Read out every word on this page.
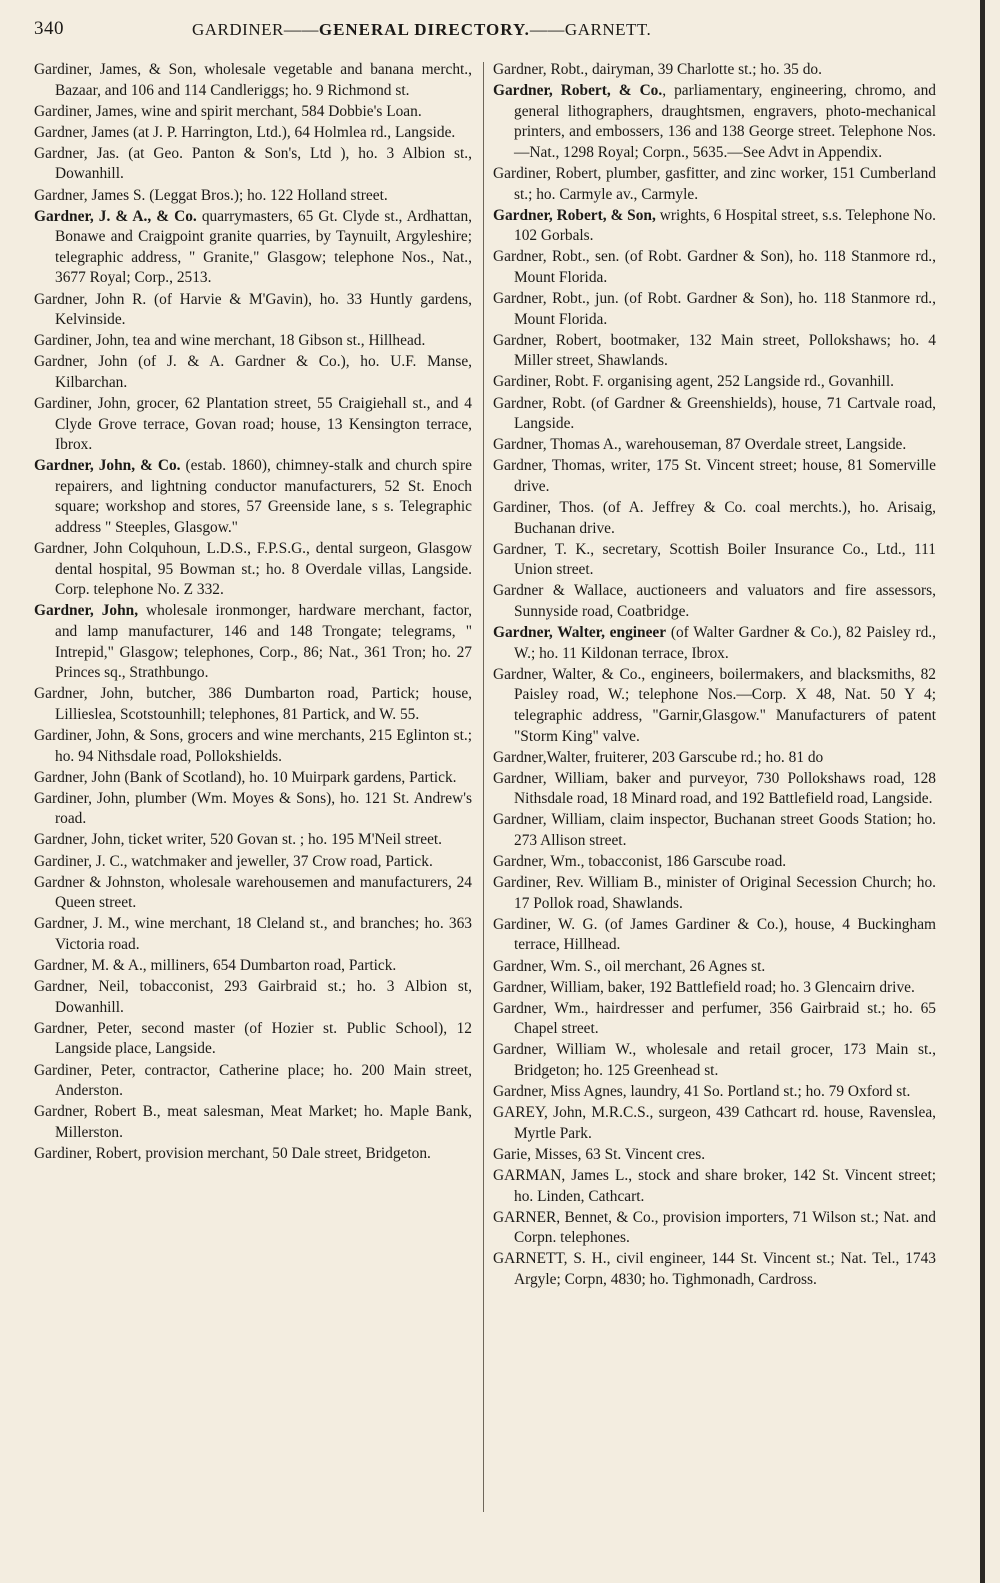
340	GARDINER——GENERAL DIRECTORY.——GARNETT.

Gardiner, James, & Son, wholesale vegetable and banana mercht., Bazaar, and 106 and 114 Candleriggs; ho. 9 Richmond st.

Gardiner, James, wine and spirit merchant, 584 Dobbie's Loan.

Gardner, James (at J. P. Harrington, Ltd.), 64 Holmlea rd., Langside.

Gardner, Jas. (at Geo. Panton & Son's, Ltd ), ho. 3 Albion st., Dowanhill.

Gardner, James S. (Leggat Bros.); ho. 122 Holland street.

Gardner, J. & A., & Co. quarrymasters, 65 Gt. Clyde st., Ardhattan, Bonawe and Craigpoint granite quarries, by Taynuilt, Argyleshire; telegraphic address, " Granite," Glasgow; telephone Nos., Nat., 3677 Royal; Corp., 2513.

Gardner, John R. (of Harvie & M'Gavin), ho. 33 Huntly gardens, Kelvinside.

Gardiner, John, tea and wine merchant, 18 Gibson st., Hillhead.

Gardner, John (of J. & A. Gardner & Co.), ho. U.F. Manse, Kilbarchan.

Gardiner, John, grocer, 62 Plantation street, 55 Craigiehall st., and 4 Clyde Grove terrace, Govan road; house, 13 Kensington terrace, Ibrox.

Gardner, John, & Co. (estab. 1860), chimney-stalk and church spire repairers, and lightning conductor manufacturers, 52 St. Enoch square; workshop and stores, 57 Greenside lane, s s. Telegraphic address " Steeples, Glasgow."

Gardner, John Colquhoun, L.D.S., F.P.S.G., dental surgeon, Glasgow dental hospital, 95 Bowman st.; ho. 8 Overdale villas, Langside. Corp. telephone No. Z 332.

Gardner, John, wholesale ironmonger, hardware merchant, factor, and lamp manufacturer, 146 and 148 Trongate; telegrams, " Intrepid," Glasgow; telephones, Corp., 86; Nat., 361 Tron; ho. 27 Princes sq., Strathbungo.

Gardner, John, butcher, 386 Dumbarton road, Partick; house, Lillieslea, Scotstounhill; telephones, 81 Partick, and W. 55.

Gardiner, John, & Sons, grocers and wine merchants, 215 Eglinton st.; ho. 94 Nithsdale road, Pollokshields.

Gardner, John (Bank of Scotland), ho. 10 Muirpark gardens, Partick.

Gardiner, John, plumber (Wm. Moyes & Sons), ho. 121 St. Andrew's road.

Gardner, John, ticket writer, 520 Govan st. ; ho. 195 M'Neil street.

Gardiner, J. C., watchmaker and jeweller, 37 Crow road, Partick.

Gardner & Johnston, wholesale warehousemen and manufacturers, 24 Queen street.

Gardner, J. M., wine merchant, 18 Cleland st., and branches; ho. 363 Victoria road.

Gardner, M. & A., milliners, 654 Dumbarton road, Partick.

Gardner, Neil, tobacconist, 293 Gairbraid st.; ho. 3 Albion st, Dowanhill.

Gardner, Peter, second master (of Hozier st. Public School), 12 Langside place, Langside.

Gardiner, Peter, contractor, Catherine place; ho. 200 Main street, Anderston.

Gardner, Robert B., meat salesman, Meat Market; ho. Maple Bank, Millerston.

Gardiner, Robert, provision merchant, 50 Dale street, Bridgeton.

Gardner, Robt., dairyman, 39 Charlotte st.; ho. 35 do.

Gardner, Robert, & Co., parliamentary, engineering, chromo, and general lithographers, draughtsmen, engravers, photo-mechanical printers, and embossers, 136 and 138 George street. Telephone Nos.—Nat., 1298 Royal; Corpn., 5635.—See Advt in Appendix.

Gardiner, Robert, plumber, gasfitter, and zinc worker, 151 Cumberland st.; ho. Carmyle av., Carmyle.

Gardner, Robert, & Son, wrights, 6 Hospital street, s.s. Telephone No. 102 Gorbals.

Gardner, Robt., sen. (of Robt. Gardner & Son), ho. 118 Stanmore rd., Mount Florida.

Gardner, Robt., jun. (of Robt. Gardner & Son), ho. 118 Stanmore rd., Mount Florida.

Gardner, Robert, bootmaker, 132 Main street, Pollokshaws; ho. 4 Miller street, Shawlands.

Gardiner, Robt. F. organising agent, 252 Langside rd., Govanhill.

Gardner, Robt. (of Gardner & Greenshields), house, 71 Cartvale road, Langside.

Gardner, Thomas A., warehouseman, 87 Overdale street, Langside.

Gardner, Thomas, writer, 175 St. Vincent street; house, 81 Somerville drive.

Gardiner, Thos. (of A. Jeffrey & Co. coal merchts.), ho. Arisaig, Buchanan drive.

Gardner, T. K., secretary, Scottish Boiler Insurance Co., Ltd., 111 Union street.

Gardner & Wallace, auctioneers and valuators and fire assessors, Sunnyside road, Coatbridge.

Gardner, Walter, engineer (of Walter Gardner & Co.), 82 Paisley rd., W.; ho. 11 Kildonan terrace, Ibrox.

Gardner, Walter, & Co., engineers, boilermakers, and blacksmiths, 82 Paisley road, W.; telephone Nos.—Corp. X 48, Nat. 50 Y 4; telegraphic address, "Garnir,Glasgow." Manufacturers of patent "Storm King" valve.

Gardner,Walter, fruiterer, 203 Garscube rd.; ho. 81 do

Gardner, William, baker and purveyor, 730 Pollokshaws road, 128 Nithsdale road, 18 Minard road, and 192 Battlefield road, Langside.

Gardner, William, claim inspector, Buchanan street Goods Station; ho. 273 Allison street.

Gardner, Wm., tobacconist, 186 Garscube road.

Gardiner, Rev. William B., minister of Original Secession Church; ho. 17 Pollok road, Shawlands.

Gardiner, W. G. (of James Gardiner & Co.), house, 4 Buckingham terrace, Hillhead.

Gardner, Wm. S., oil merchant, 26 Agnes st.

Gardner, William, baker, 192 Battlefield road; ho. 3 Glencairn drive.

Gardner, Wm., hairdresser and perfumer, 356 Gairbraid st.; ho. 65 Chapel street.

Gardner, William W., wholesale and retail grocer, 173 Main st., Bridgeton; ho. 125 Greenhead st.

Gardner, Miss Agnes, laundry, 41 So. Portland st.; ho. 79 Oxford st.

GAREY, John, M.R.C.S., surgeon, 439 Cathcart rd. house, Ravenslea, Myrtle Park.

Garie, Misses, 63 St. Vincent cres.

GARMAN, James L., stock and share broker, 142 St. Vincent street; ho. Linden, Cathcart.

GARNER, Bennet, & Co., provision importers, 71 Wilson st.; Nat. and Corpn. telephones.

GARNETT, S. H., civil engineer, 144 St. Vincent st.; Nat. Tel., 1743 Argyle; Corpn, 4830; ho. Tighmonadh, Cardross.
